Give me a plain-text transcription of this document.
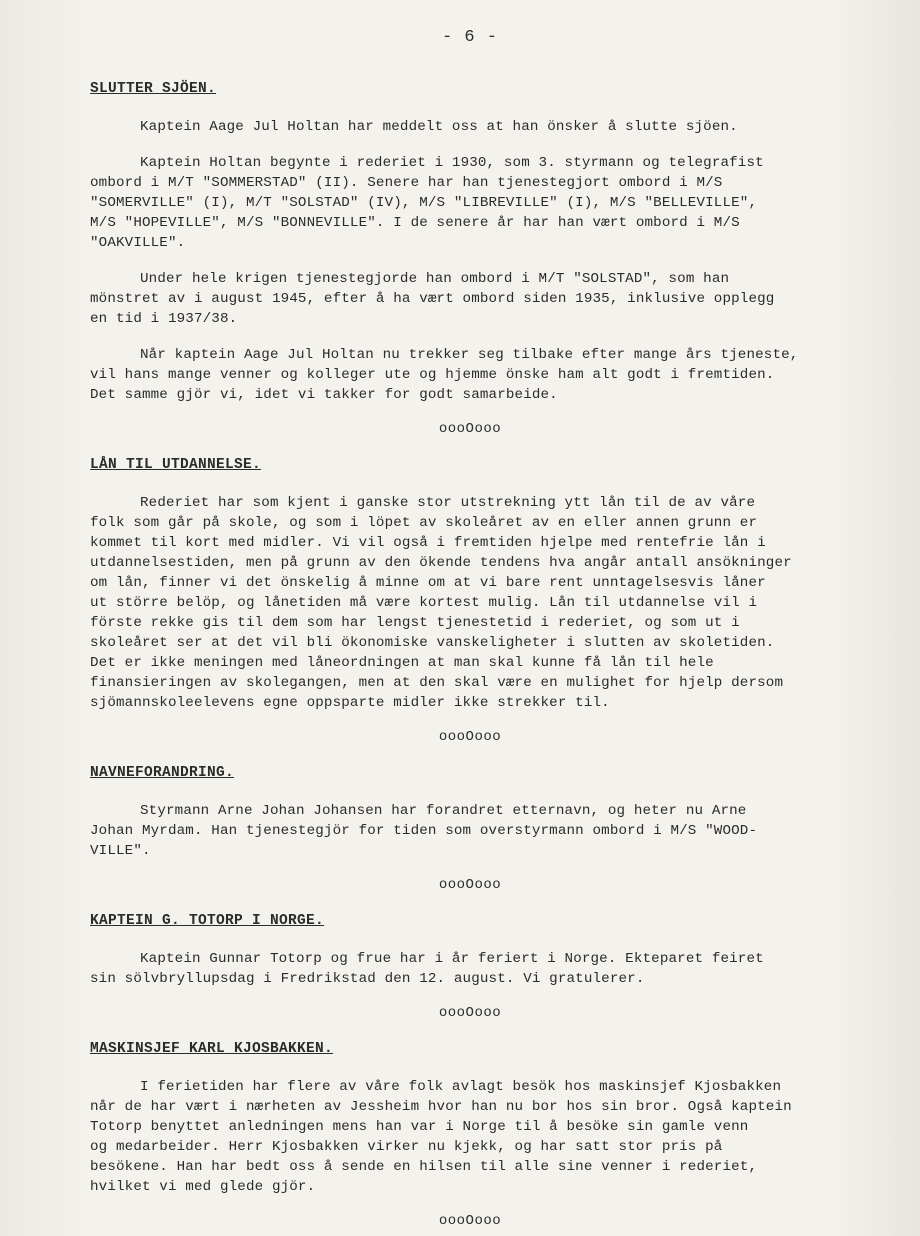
- 6 -
SLUTTER SJÖEN.

Kaptein Aage Jul Holtan har meddelt oss at han önsker å slutte sjöen.

Kaptein Holtan begynte i rederiet i 1930, som 3. styrmann og telegrafist
ombord i M/T "SOMMERSTAD" (II). Senere har han tjenestegjort ombord i M/S
"SOMERVILLE" (I), M/T "SOLSTAD" (IV), M/S "LIBREVILLE" (I), M/S "BELLEVILLE",
M/S "HOPEVILLE", M/S "BONNEVILLE". I de senere år har han vært ombord i M/S
"OAKVILLE".

Under hele krigen tjenestegjorde han ombord i M/T "SOLSTAD", som han
mönstret av i august 1945, efter å ha vært ombord siden 1935, inklusive opplegg
en tid i 1937/38.

Når kaptein Aage Jul Holtan nu trekker seg tilbake efter mange års tjeneste,
vil hans mange venner og kolleger ute og hjemme önske ham alt godt i fremtiden.
Det samme gjör vi, idet vi takker for godt samarbeide.

oooOooo
LÅN TIL UTDANNELSE.

Rederiet har som kjent i ganske stor utstrekning ytt lån til de av våre
folk som går på skole, og som i löpet av skoleåret av en eller annen grunn er
kommet til kort med midler. Vi vil også i fremtiden hjelpe med rentefrie lån i
utdannelsestiden, men på grunn av den ökende tendens hva angår antall ansökninger
om lån, finner vi det önskelig å minne om at vi bare rent unntagelsesvis låner
ut större belöp, og lånetiden må være kortest mulig. Lån til utdannelse vil i
förste rekke gis til dem som har lengst tjenestetid i rederiet, og som ut i
skoleåret ser at det vil bli ökonomiske vanskeligheter i slutten av skoletiden.
Det er ikke meningen med låneordningen at man skal kunne få lån til hele
finansieringen av skolegangen, men at den skal være en mulighet for hjelp dersom
sjömannskoleelevens egne oppsparte midler ikke strekker til.

oooOooo
NAVNEFORANDRING.

Styrmann Arne Johan Johansen har forandret etternavn, og heter nu Arne
Johan Myrdam. Han tjenestegjör for tiden som overstyrmann ombord i M/S "WOOD-
VILLE".

oooOooo
KAPTEIN G. TOTORP I NORGE.

Kaptein Gunnar Totorp og frue har i år feriert i Norge. Ekteparet feiret
sin sölvbryllupsdag i Fredrikstad den 12. august. Vi gratulerer.

oooOooo
MASKINSJEF KARL KJOSBAKKEN.

I ferietiden har flere av våre folk avlagt besök hos maskinsjef Kjosbakken
når de har vært i nærheten av Jessheim hvor han nu bor hos sin bror. Også kaptein
Totorp benyttet anledningen mens han var i Norge til å besöke sin gamle venn
og medarbeider. Herr Kjosbakken virker nu kjekk, og har satt stor pris på
besökene. Han har bedt oss å sende en hilsen til alle sine venner i rederiet,
hvilket vi med glede gjör.

oooOooo
